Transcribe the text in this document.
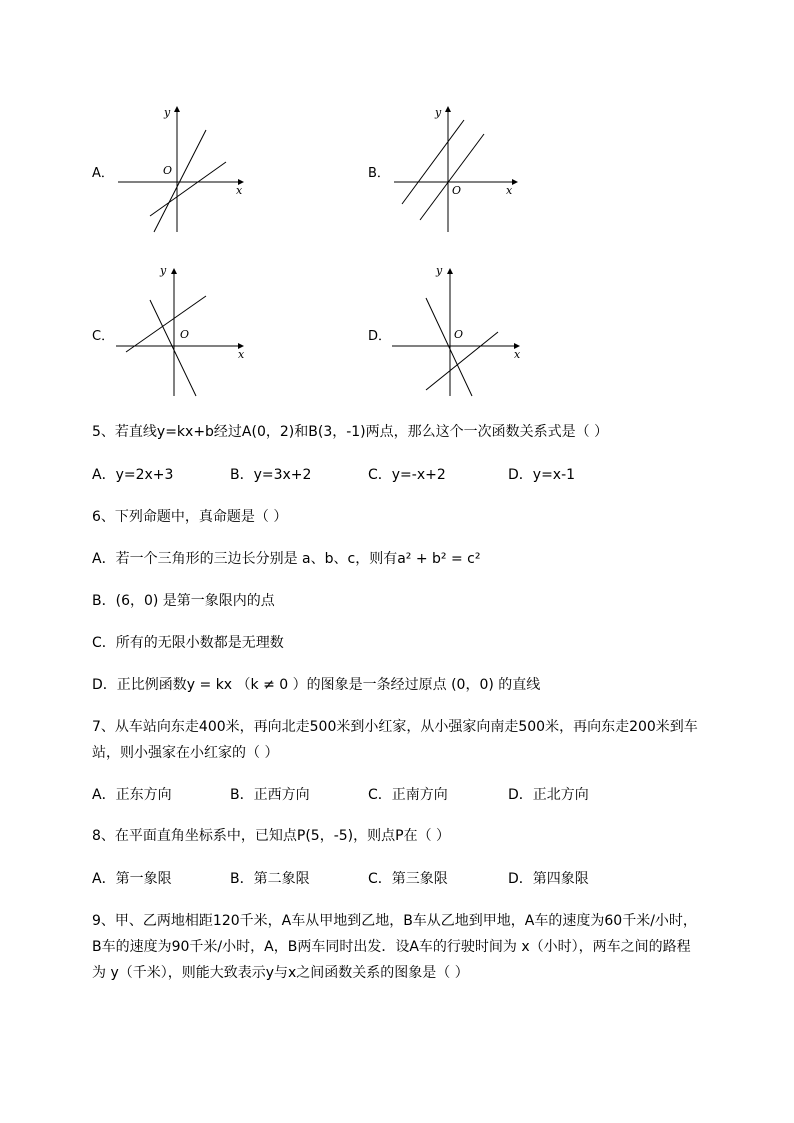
A．
y
x
O	B．
y
x
O
C．
y
x
O	D．
y
x
O
5、若直线y=kx+b经过A(0，2)和B(3，-1)两点，那么这个一次函数关系式是（ ）
A．y=2x+3	B．y=3x+2	C．y=-x+2	D．y=x-1
6、下列命题中，真命题是（ ）
A．若一个三角形的三边长分别是 a、b、c，则有a² + b² = c²
B．(6，0) 是第一象限内的点
C．所有的无限小数都是无理数
D．正比例函数y = kx （k ≠ 0 ）的图象是一条经过原点 (0，0) 的直线
7、从车站向东走400米，再向北走500米到小红家，从小强家向南走500米，再向东走200米到车
站，则小强家在小红家的（ ）
A．正东方向	B．正西方向	C．正南方向	D．正北方向
8、在平面直角坐标系中，已知点P(5，-5)，则点P在（ ）
A．第一象限	B．第二象限	C．第三象限	D．第四象限
9、甲、乙两地相距120千米，A车从甲地到乙地，B车从乙地到甲地，A车的速度为60千米/小时，
B车的速度为90千米/小时，A，B两车同时出发．设A车的行驶时间为 x（小时），两车之间的路程
为 y（千米），则能大致表示y与x之间函数关系的图象是（ ）
